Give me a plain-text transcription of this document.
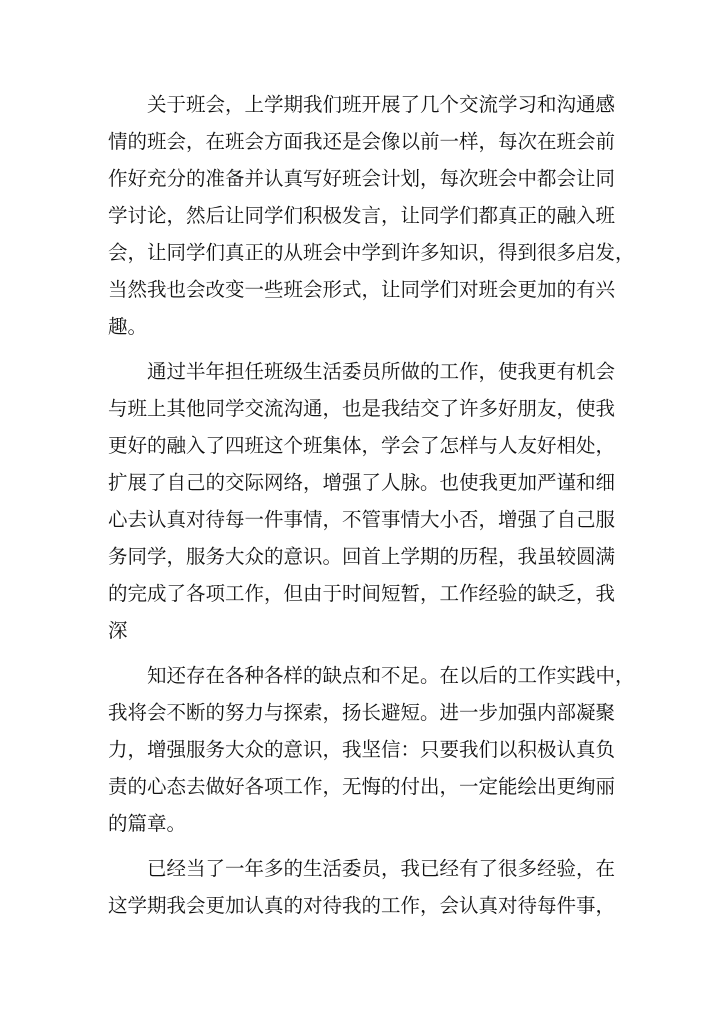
关于班会，上学期我们班开展了几个交流学习和沟通感
情的班会，在班会方面我还是会像以前一样，每次在班会前
作好充分的准备并认真写好班会计划，每次班会中都会让同
学讨论，然后让同学们积极发言，让同学们都真正的融入班
会，让同学们真正的从班会中学到许多知识，得到很多启发，
当然我也会改变一些班会形式，让同学们对班会更加的有兴
趣。
通过半年担任班级生活委员所做的工作，使我更有机会
与班上其他同学交流沟通，也是我结交了许多好朋友，使我
更好的融入了四班这个班集体，学会了怎样与人友好相处，
扩展了自己的交际网络，增强了人脉。也使我更加严谨和细
心去认真对待每一件事情，不管事情大小否，增强了自己服
务同学，服务大众的意识。回首上学期的历程，我虽较圆满
的完成了各项工作，但由于时间短暂，工作经验的缺乏，我
深
知还存在各种各样的缺点和不足。在以后的工作实践中，
我将会不断的努力与探索，扬长避短。进一步加强内部凝聚
力，增强服务大众的意识，我坚信：只要我们以积极认真负
责的心态去做好各项工作，无悔的付出，一定能绘出更绚丽
的篇章。
已经当了一年多的生活委员，我已经有了很多经验，在
这学期我会更加认真的对待我的工作，会认真对待每件事，
